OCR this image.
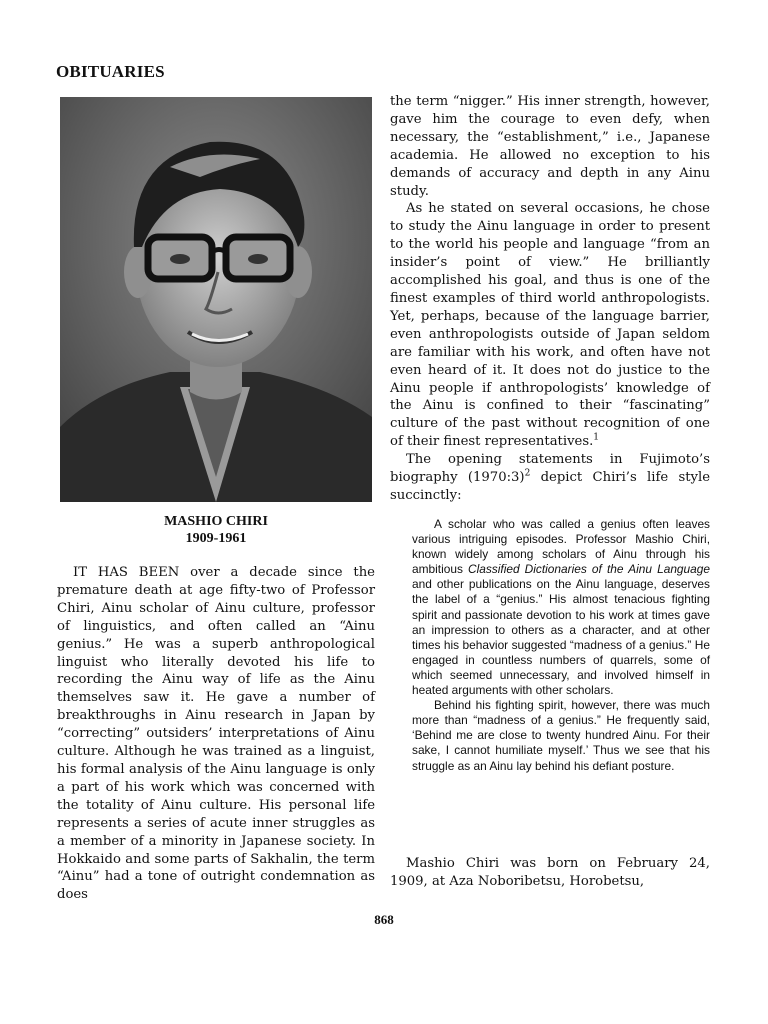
OBITUARIES
MASHIO CHIRI
1909-1961

IT HAS BEEN over a decade since the premature death at age fifty-two of Professor Chiri, Ainu scholar of Ainu culture, professor of linguistics, and often called an “Ainu genius.” He was a superb anthropological linguist who literally devoted his life to recording the Ainu way of life as the Ainu themselves saw it. He gave a number of breakthroughs in Ainu research in Japan by “correcting” outsiders’ interpretations of Ainu culture. Although he was trained as a linguist, his formal analysis of the Ainu language is only a part of his work which was concerned with the totality of Ainu culture. His personal life represents a series of acute inner struggles as a member of a minority in Japanese society. In Hokkaido and some parts of Sakhalin, the term “Ainu” had a tone of outright condemnation as does

the term “nigger.” His inner strength, however, gave him the courage to even defy, when necessary, the “establishment,” i.e., Japanese academia. He allowed no exception to his demands of accuracy and depth in any Ainu study.

As he stated on several occasions, he chose to study the Ainu language in order to present to the world his people and language “from an insider’s point of view.” He brilliantly accomplished his goal, and thus is one of the finest examples of third world anthropologists. Yet, perhaps, because of the language barrier, even anthropologists outside of Japan seldom are familiar with his work, and often have not even heard of it. It does not do justice to the Ainu people if anthropologists’ knowledge of the Ainu is confined to their “fascinating” culture of the past without recognition of one of their finest representatives.$^1$

The opening statements in Fujimoto’s biography (1970:3)$^2$ depict Chiri’s life style succinctly:

A scholar who was called a genius often leaves various intriguing episodes. Professor Mashio Chiri, known widely among scholars of Ainu through his ambitious Classified Dictionaries of the Ainu Language and other publications on the Ainu language, deserves the label of a “genius.” His almost tenacious fighting spirit and passionate devotion to his work at times gave an impression to others as a character, and at other times his behavior suggested “madness of a genius.” He engaged in countless numbers of quarrels, some of which seemed unnecessary, and involved himself in heated arguments with other scholars.

Behind his fighting spirit, however, there was much more than “madness of a genius.” He frequently said, ‘Behind me are close to twenty hundred Ainu. For their sake, I cannot humiliate myself.’ Thus we see that his struggle as an Ainu lay behind his defiant posture.

Mashio Chiri was born on February 24, 1909, at Aza Noboribetsu, Horobetsu,

868
